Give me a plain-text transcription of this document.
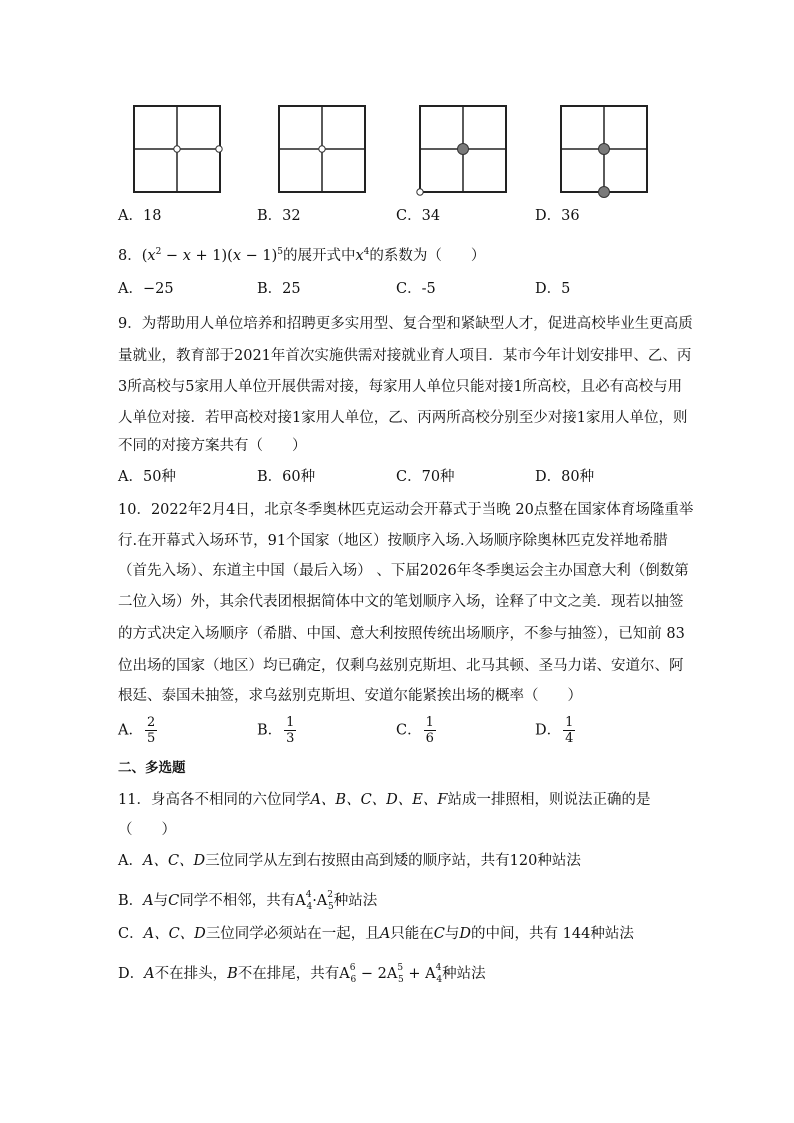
A．18	B．32	C．34	D．36
8．$(x^2 - x + 1)(x - 1)^5$的展开式中$x^4$的系数为（　　）
A．−25	B．25	C．-5	D．5
9．为帮助用人单位培养和招聘更多实用型、复合型和紧缺型人才，促进高校毕业生更高质
量就业，教育部于2021年首次实施供需对接就业育人项目．某市今年计划安排甲、乙、丙
3所高校与5家用人单位开展供需对接，每家用人单位只能对接1所高校，且必有高校与用
人单位对接．若甲高校对接1家用人单位，乙、丙两所高校分别至少对接1家用人单位，则
不同的对接方案共有（　　）
A．50种	B．60种	C．70种	D．80种
10．2022年2月4日，北京冬季奥林匹克运动会开幕式于当晚 20点整在国家体育场隆重举
行.在开幕式入场环节，91个国家（地区）按顺序入场.入场顺序除奥林匹克发祥地希腊
（首先入场）、东道主中国（最后入场） 、下届2026年冬季奥运会主办国意大利（倒数第
二位入场）外，其余代表团根据简体中文的笔划顺序入场，诠释了中文之美．现若以抽签
的方式决定入场顺序（希腊、中国、意大利按照传统出场顺序，不参与抽签），已知前 83
位出场的国家（地区）均已确定，仅剩乌兹别克斯坦、北马其顿、圣马力诺、安道尔、阿
根廷、泰国未抽签，求乌兹别克斯坦、安道尔能紧挨出场的概率（　　）
A． $\frac{2}{5}$	B． $\frac{1}{3}$	C． $\frac{1}{6}$	D． $\frac{1}{4}$
二、多选题
11．身高各不相同的六位同学A、B、C、D、E、F站成一排照相，则说法正确的是
（　　）
A．A、C、D三位同学从左到右按照由高到矮的顺序站，共有120种站法
B．A与C同学不相邻，共有$A^4_4\cdot A^2_5$种站法
C．A、C、D三位同学必须站在一起，且A只能在C与D的中间，共有 144种站法
D．A不在排头，B不在排尾，共有$A^6_6 - 2A^5_5 + A^4_4$种站法
